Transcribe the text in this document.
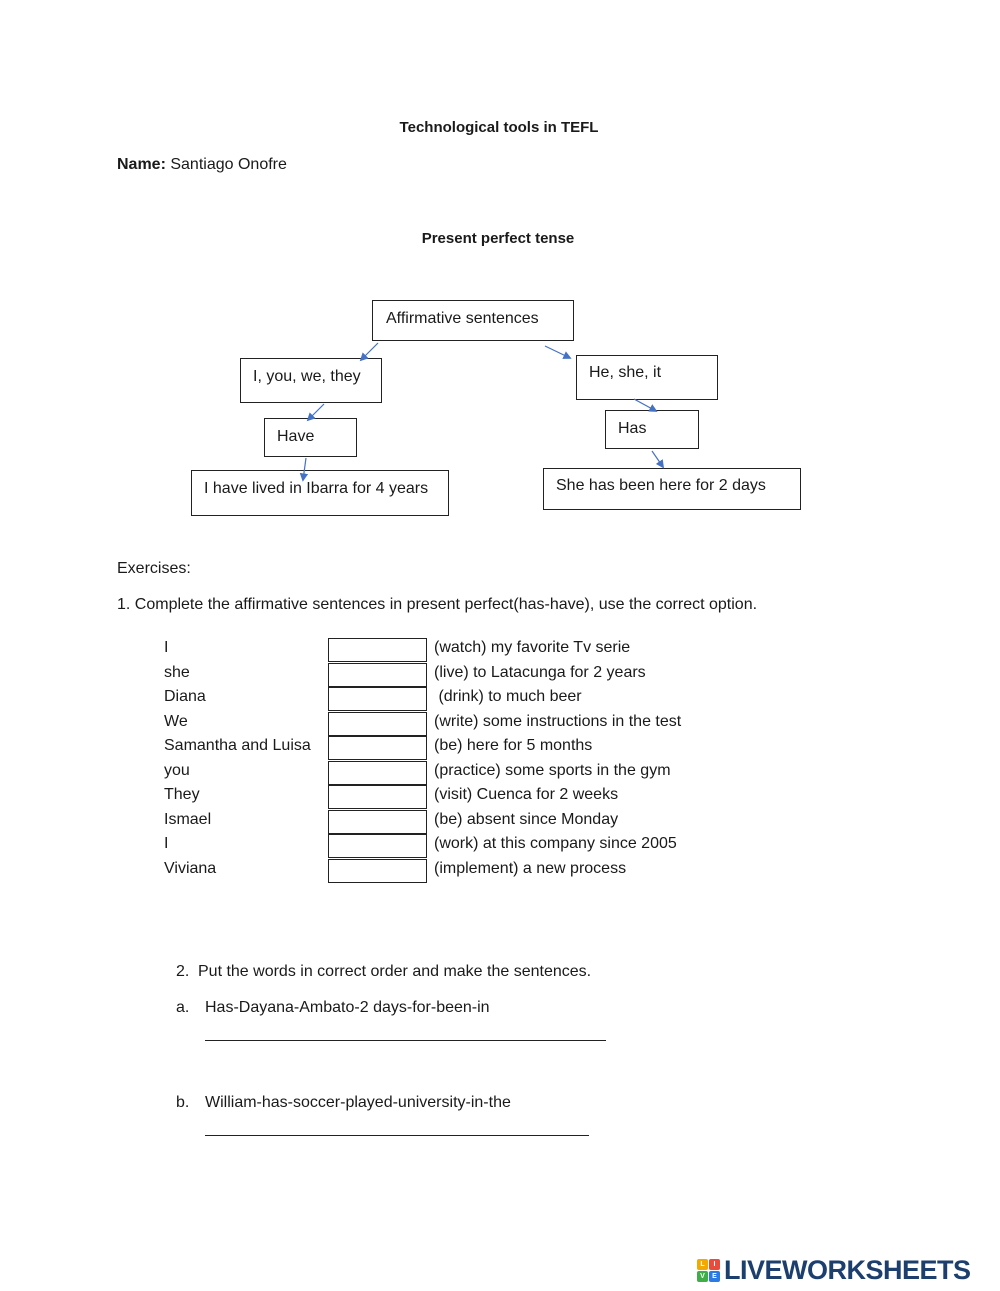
Technological tools in TEFL
Name: Santiago Onofre
Present perfect tense
Affirmative sentences
I, you, we, they	He, she, it
Have	Has
I have lived in Ibarra for 4 years	She has been here for 2 days
Exercises:
1. Complete the affirmative sentences in present perfect(has-have), use the correct option.
I	(watch) my favorite Tv serie
she	(live) to Latacunga for 2 years
Diana	(drink) to much beer
We	(write) some instructions in the test
Samantha and Luisa	(be) here for 5 months
you	(practice) some sports in the gym
They	(visit) Cuenca for 2 weeks
Ismael	(be) absent since Monday
I	(work) at this company since 2005
Viviana	(implement) a new process
2. Put the words in correct order and make the sentences.
a. Has-Dayana-Ambato-2 days-for-been-in
b. William-has-soccer-played-university-in-the
L	I
V	E LIVEWORKSHEETS
